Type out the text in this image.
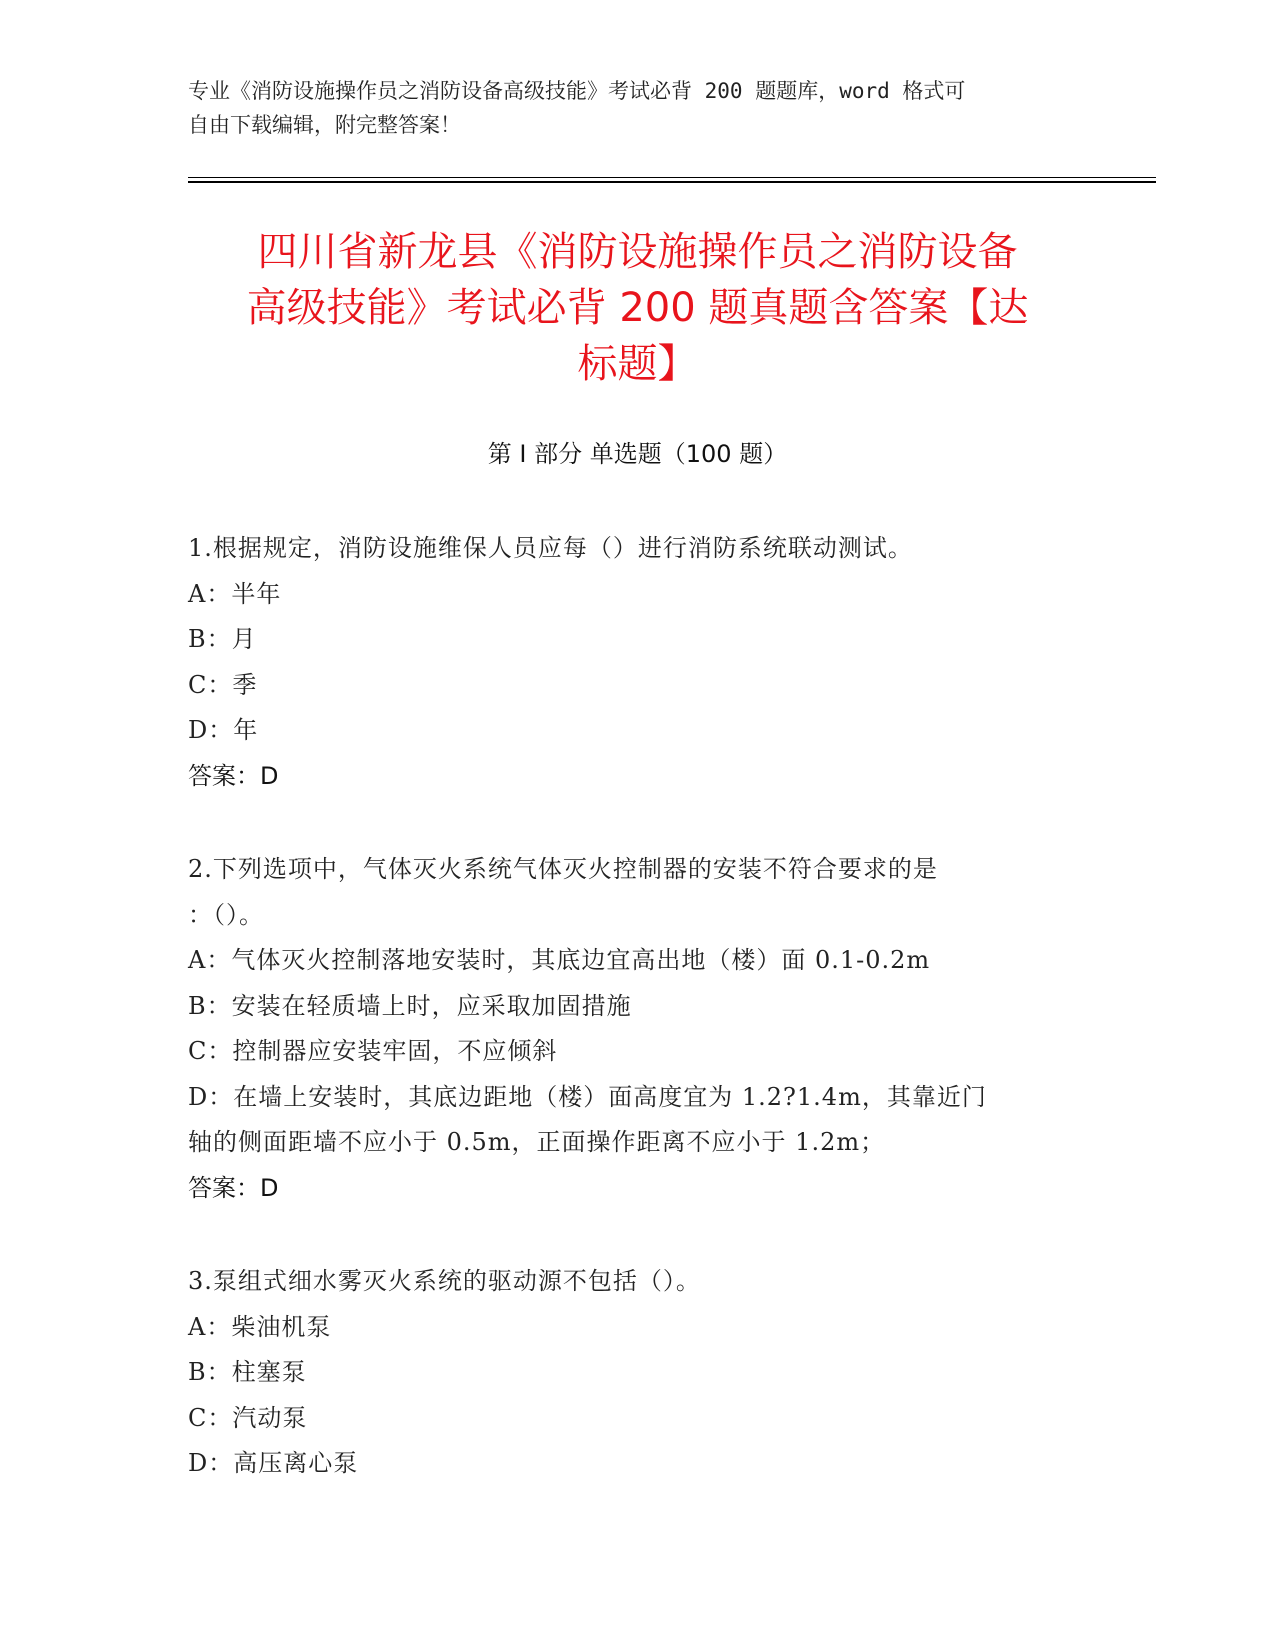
专业《消防设施操作员之消防设备高级技能》考试必背 200 题题库，word 格式可
自由下载编辑，附完整答案！
四川省新龙县《消防设施操作员之消防设备
高级技能》考试必背 200 题真题含答案【达
标题】
第 I 部分 单选题（100 题）
1.根据规定，消防设施维保人员应每（）进行消防系统联动测试。
A：半年
B：月
C：季
D：年
答案：D
2.下列选项中，气体灭火系统气体灭火控制器的安装不符合要求的是
：（）。
A：气体灭火控制落地安装时，其底边宜高出地（楼）面 0.1-0.2m
B：安装在轻质墙上时，应采取加固措施
C：控制器应安装牢固，不应倾斜
D：在墙上安装时，其底边距地（楼）面高度宜为 1.2?1.4m，其靠近门
轴的侧面距墙不应小于 0.5m，正面操作距离不应小于 1.2m；
答案：D
3.泵组式细水雾灭火系统的驱动源不包括（）。
A：柴油机泵
B：柱塞泵
C：汽动泵
D：高压离心泵
